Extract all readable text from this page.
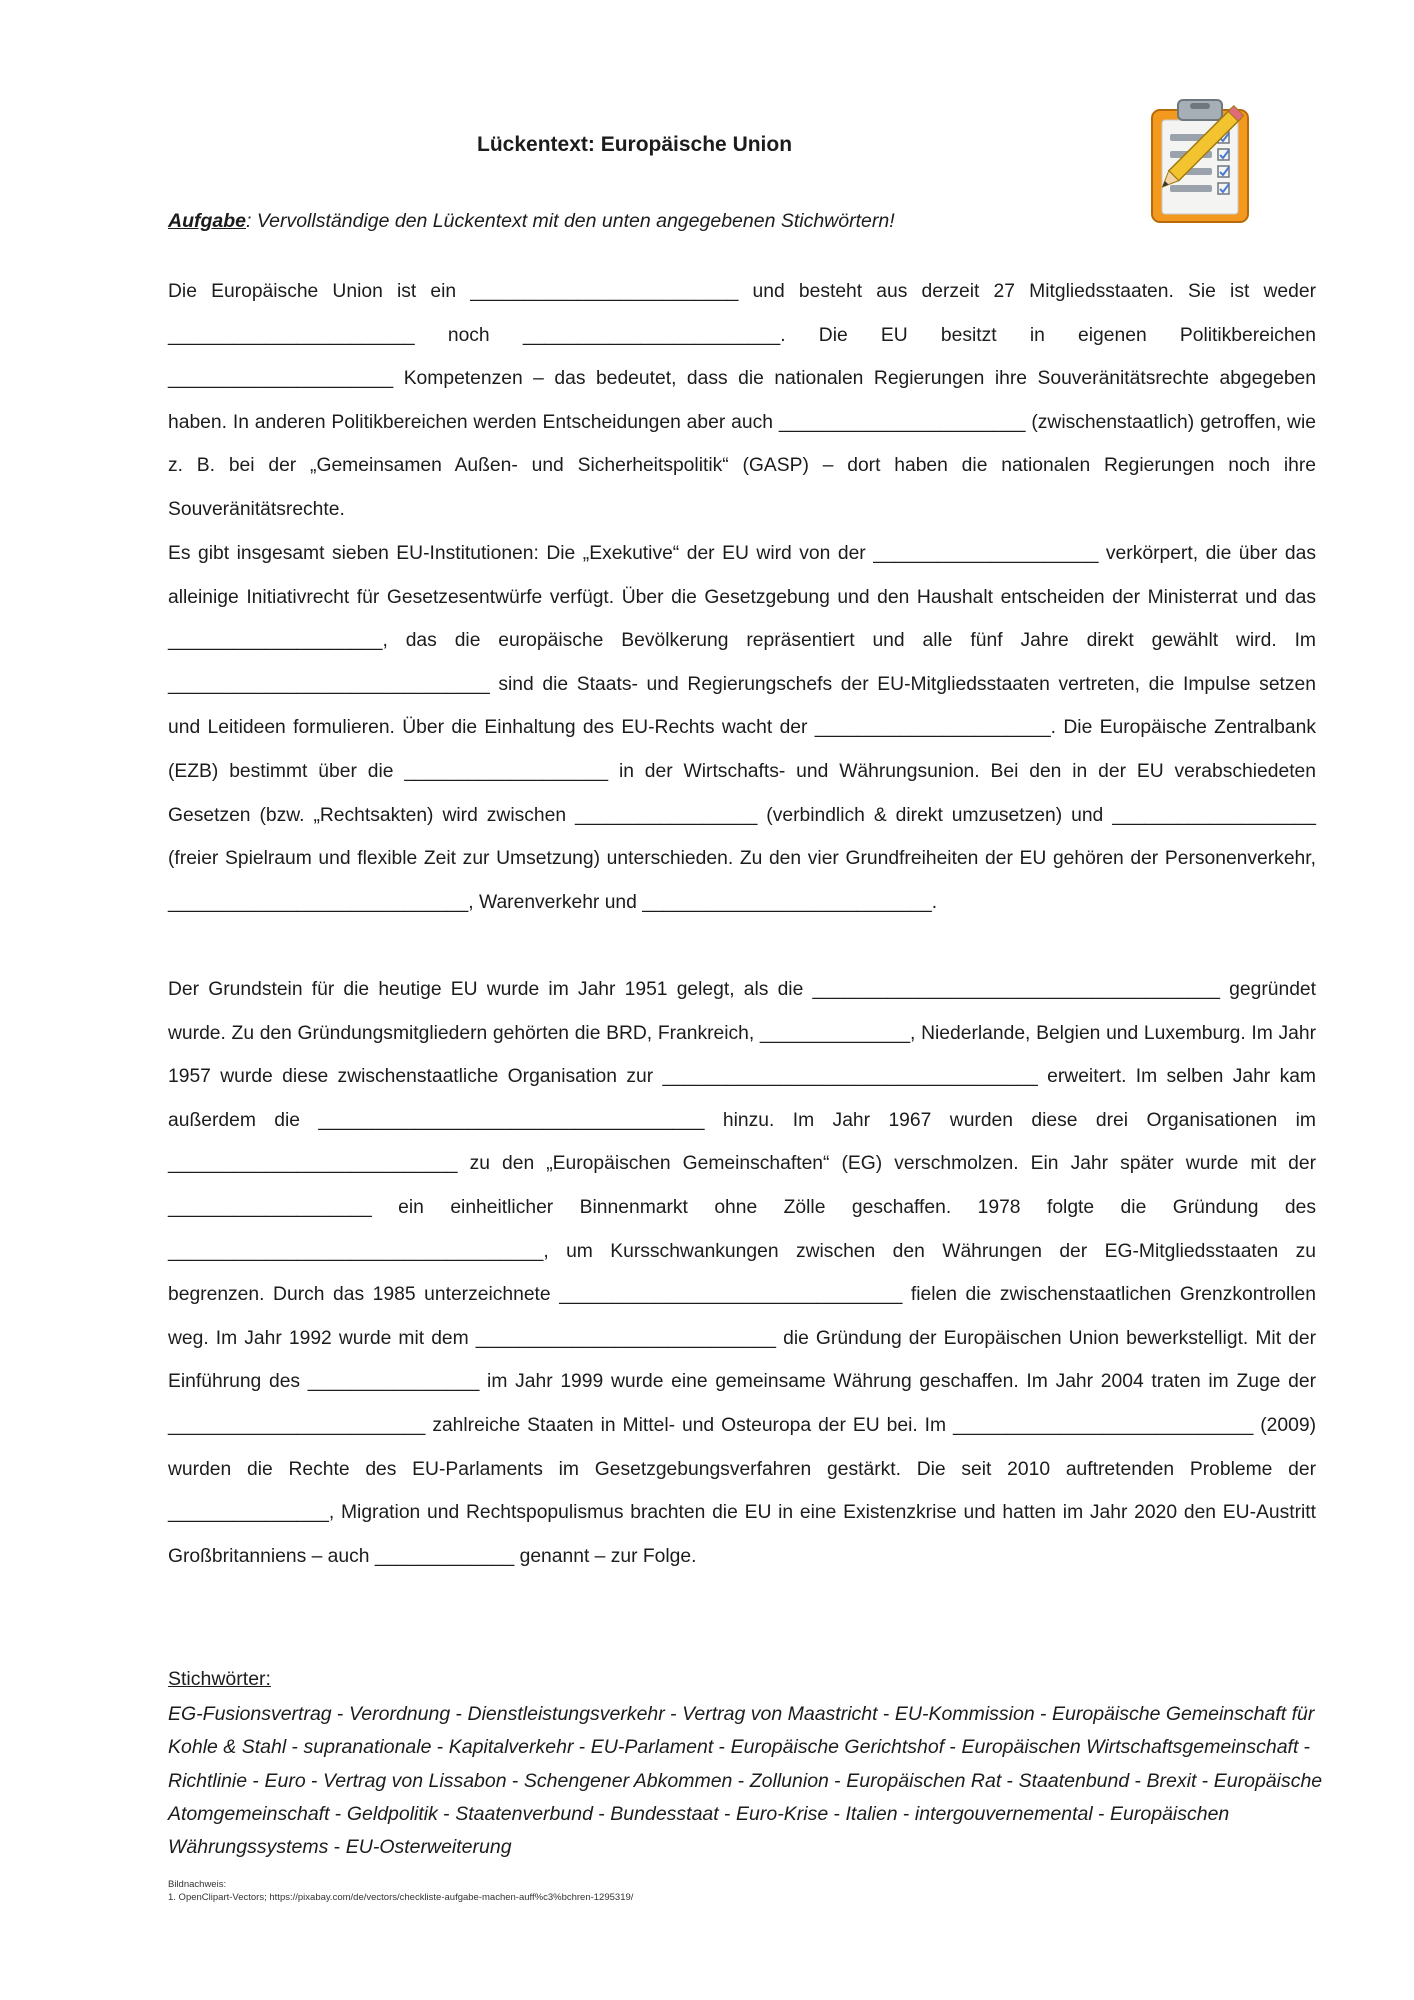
Lückentext: Europäische Union
Aufgabe: Vervollständige den Lückentext mit den unten angegebenen Stichwörtern!
Die Europäische Union ist ein _________________________ und besteht aus derzeit 27 Mitgliedsstaaten. Sie ist weder _______________________ noch ________________________. Die EU besitzt in eigenen Politikbereichen _____________________ Kompetenzen – das bedeutet, dass die nationalen Regierungen ihre Souveränitätsrechte abgegeben haben. In anderen Politikbereichen werden Entscheidungen aber auch _______________________ (zwischenstaatlich) getroffen, wie z. B. bei der „Gemeinsamen Außen- und Sicherheitspolitik“ (GASP) – dort haben die nationalen Regierungen noch ihre Souveränitätsrechte.
Es gibt insgesamt sieben EU-Institutionen: Die „Exekutive“ der EU wird von der _____________________ verkörpert, die über das alleinige Initiativrecht für Gesetzesentwürfe verfügt. Über die Gesetzgebung und den Haushalt entscheiden der Ministerrat und das ____________________, das die europäische Bevölkerung repräsentiert und alle fünf Jahre direkt gewählt wird. Im ______________________________ sind die Staats- und Regierungschefs der EU-Mitgliedsstaaten vertreten, die Impulse setzen und Leitideen formulieren. Über die Einhaltung des EU-Rechts wacht der ______________________. Die Europäische Zentralbank (EZB) bestimmt über die ___________________ in der Wirtschafts- und Währungsunion. Bei den in der EU verabschiedeten Gesetzen (bzw. „Rechtsakten) wird zwischen _________________ (verbindlich & direkt umzusetzen) und ___________________ (freier Spielraum und flexible Zeit zur Umsetzung) unterschieden. Zu den vier Grundfreiheiten der EU gehören der Personenverkehr, ____________________________, Warenverkehr und ___________________________.
Der Grundstein für die heutige EU wurde im Jahr 1951 gelegt, als die ______________________________________ gegründet wurde. Zu den Gründungsmitgliedern gehörten die BRD, Frankreich, ______________, Niederlande, Belgien und Luxemburg. Im Jahr 1957 wurde diese zwischenstaatliche Organisation zur ___________________________________ erweitert. Im selben Jahr kam außerdem die ____________________________________ hinzu. Im Jahr 1967 wurden diese drei Organisationen im ___________________________ zu den „Europäischen Gemeinschaften“ (EG) verschmolzen. Ein Jahr später wurde mit der ___________________ ein einheitlicher Binnenmarkt ohne Zölle geschaffen. 1978 folgte die Gründung des ___________________________________, um Kursschwankungen zwischen den Währungen der EG-Mitgliedsstaaten zu begrenzen. Durch das 1985 unterzeichnete ________________________________ fielen die zwischenstaatlichen Grenzkontrollen weg. Im Jahr 1992 wurde mit dem ____________________________ die Gründung der Europäischen Union bewerkstelligt. Mit der Einführung des ________________ im Jahr 1999 wurde eine gemeinsame Währung geschaffen. Im Jahr 2004 traten im Zuge der ________________________ zahlreiche Staaten in Mittel- und Osteuropa der EU bei. Im ____________________________ (2009) wurden die Rechte des EU-Parlaments im Gesetzgebungsverfahren gestärkt. Die seit 2010 auftretenden Probleme der _______________, Migration und Rechtspopulismus brachten die EU in eine Existenzkrise und hatten im Jahr 2020 den EU-Austritt Großbritanniens – auch _____________ genannt – zur Folge.
Stichwörter:
EG-Fusionsvertrag - Verordnung - Dienstleistungsverkehr - Vertrag von Maastricht - EU-Kommission - Europäische Gemeinschaft für Kohle & Stahl - supranationale - Kapitalverkehr - EU-Parlament - Europäische Gerichtshof - Europäischen Wirtschaftsgemeinschaft - Richtlinie - Euro - Vertrag von Lissabon - Schengener Abkommen - Zollunion - Europäischen Rat - Staatenbund - Brexit - Europäische Atomgemeinschaft - Geldpolitik - Staatenverbund - Bundesstaat - Euro-Krise - Italien - intergouvernemental - Europäischen Währungssystems - EU-Osterweiterung
Bildnachweis:
1. OpenClipart-Vectors; https://pixabay.com/de/vectors/checkliste-aufgabe-machen-auff%c3%bchren-1295319/
